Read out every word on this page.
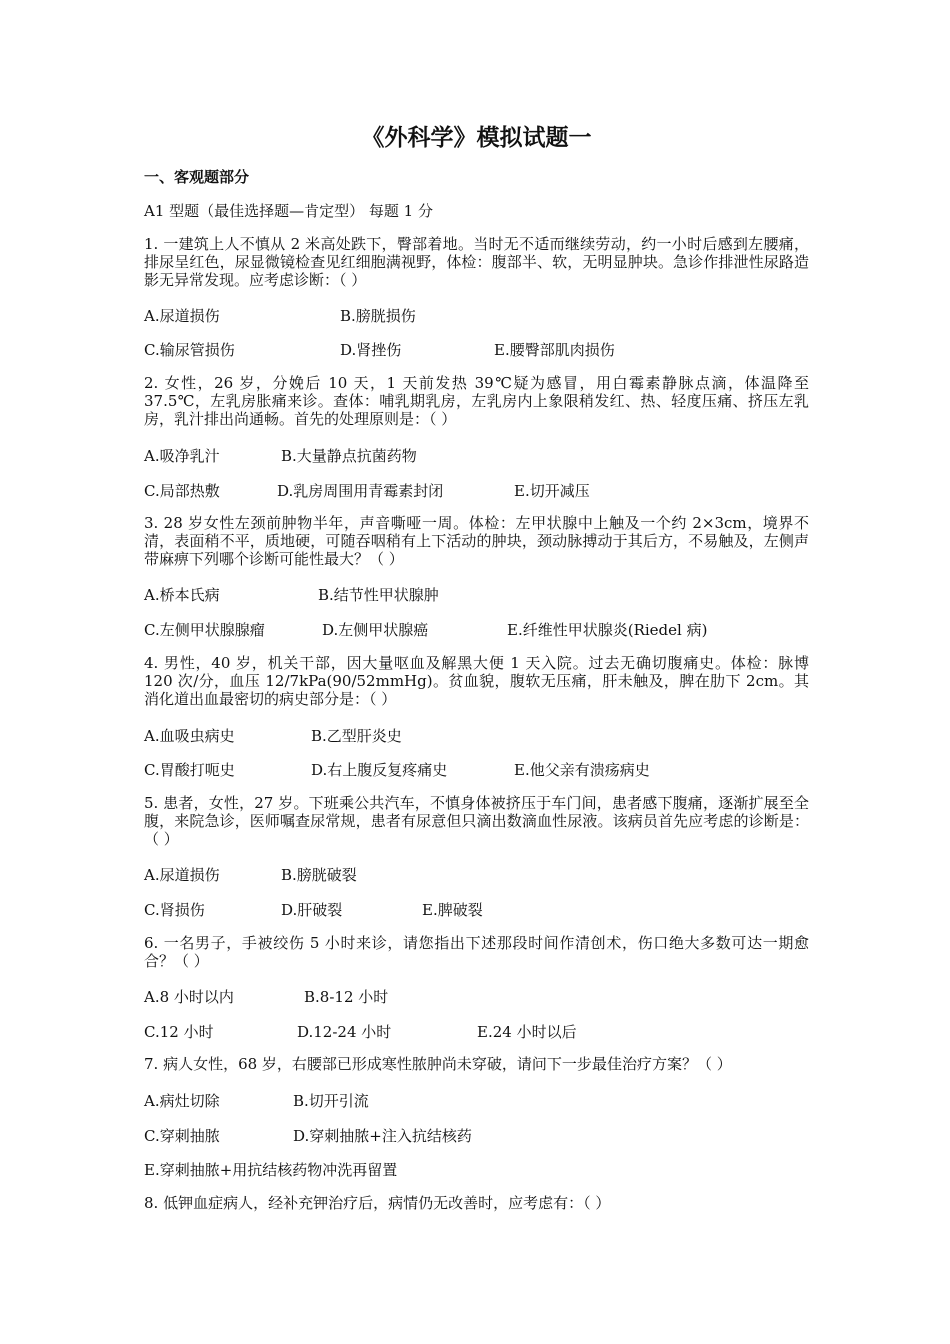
《外科学》模拟试题一
一、客观题部分
A1 型题（最佳选择题—肯定型） 每题 1 分
1. 一建筑上人不慎从 2 米高处跌下，臀部着地。当时无不适而继续劳动，约一小时后感到左腰痛，排尿呈红色，尿显微镜检查见红细胞满视野，体检：腹部半、软，无明显肿块。急诊作排泄性尿路造影无异常发现。应考虑诊断：（ ）
A.尿道损伤	B.膀胱损伤
C.输尿管损伤	D.肾挫伤	E.腰臀部肌肉损伤
2. 女性，26 岁，分娩后 10 天，1 天前发热 39℃疑为感冒，用白霉素静脉点滴，体温降至 37.5℃，左乳房胀痛来诊。查体：哺乳期乳房，左乳房内上象限稍发红、热、轻度压痛、挤压左乳房，乳汁排出尚通畅。首先的处理原则是：（ ）
A.吸净乳汁	B.大量静点抗菌药物
C.局部热敷	D.乳房周围用青霉素封闭	E.切开减压
3. 28 岁女性左颈前肿物半年，声音嘶哑一周。体检：左甲状腺中上触及一个约 2×3cm，境界不清，表面稍不平，质地硬，可随吞咽稍有上下活动的肿块，颈动脉搏动于其后方，不易触及，左侧声带麻痹下列哪个诊断可能性最大？（ ）
A.桥本氏病	B.结节性甲状腺肿
C.左侧甲状腺腺瘤	D.左侧甲状腺癌	E.纤维性甲状腺炎(Riedel 病)
4. 男性，40 岁，机关干部，因大量呕血及解黑大便 1 天入院。过去无确切腹痛史。体检：脉博 120 次/分，血压 12/7kPa(90/52mmHg)。贫血貌，腹软无压痛，肝未触及，脾在肋下 2cm。其消化道出血最密切的病史部分是：（ ）
A.血吸虫病史	B.乙型肝炎史
C.胃酸打呃史	D.右上腹反复疼痛史	E.他父亲有溃疡病史
5. 患者，女性，27 岁。下班乘公共汽车，不慎身体被挤压于车门间，患者感下腹痛，逐渐扩展至全腹，来院急诊，医师嘱查尿常规，患者有尿意但只滴出数滴血性尿液。该病员首先应考虑的诊断是：（ ）
A.尿道损伤	B.膀胱破裂
C.肾损伤	D.肝破裂	E.脾破裂
6. 一名男子，手被绞伤 5 小时来诊，请您指出下述那段时间作清创术，伤口绝大多数可达一期愈合？（ ）
A.8 小时以内	B.8-12 小时
C.12 小时	D.12-24 小时	E.24 小时以后
7. 病人女性，68 岁，右腰部已形成寒性脓肿尚未穿破，请问下一步最佳治疗方案？（ ）
A.病灶切除	B.切开引流
C.穿刺抽脓	D.穿刺抽脓+注入抗结核药
E.穿刺抽脓+用抗结核药物冲洗再留置
8. 低钾血症病人，经补充钾治疗后，病情仍无改善时，应考虑有：（ ）
